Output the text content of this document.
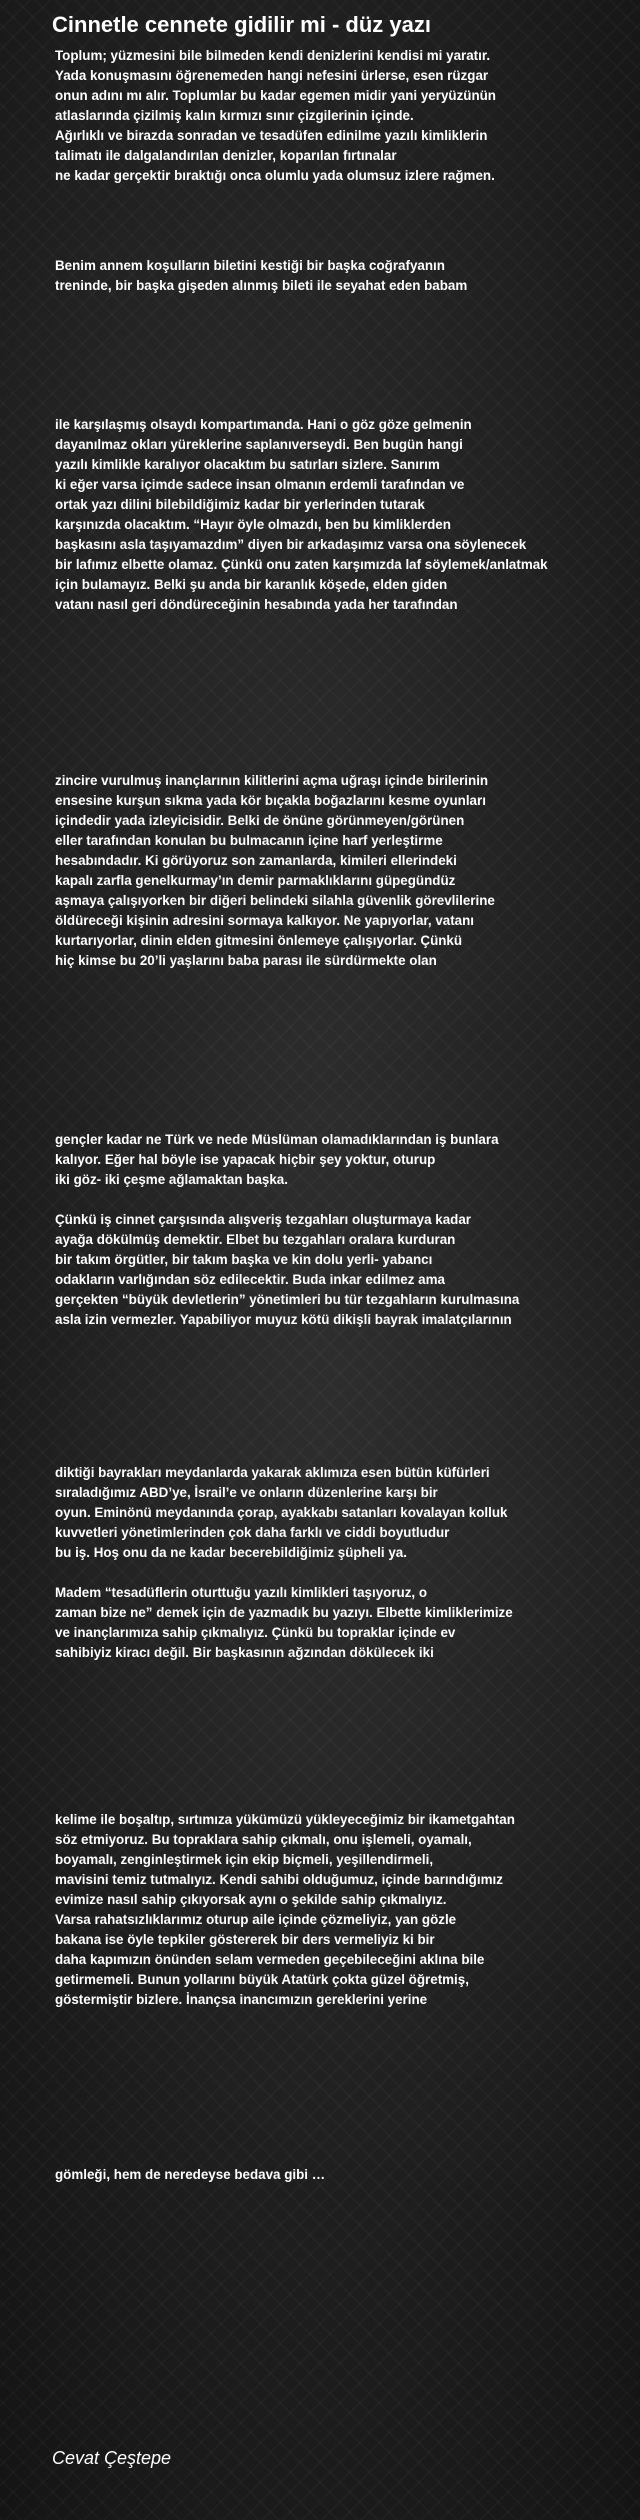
Cinnetle cennete gidilir mi - düz yazı
Toplum; yüzmesini bile bilmeden kendi denizlerini kendisi mi yaratır.
Yada konuşmasını öğrenemeden hangi nefesini ürlerse, esen rüzgar
onun adını mı alır. Toplumlar bu kadar egemen midir yani yeryüzünün
atlaslarında çizilmiş kalın kırmızı sınır çizgilerinin içinde.
Ağırlıklı ve birazda sonradan ve tesadüfen edinilme yazılı kimliklerin
talimatı ile dalgalandırılan denizler, koparılan fırtınalar
ne kadar gerçektir bıraktığı onca olumlu yada olumsuz izlere rağmen.
Benim annem koşulların biletini kestiği bir başka coğrafyanın
treninde, bir başka gişeden alınmış bileti ile seyahat eden babam
ile karşılaşmış olsaydı kompartımanda. Hani o göz göze gelmenin
dayanılmaz okları yüreklerine saplanıverseydi. Ben bugün hangi
yazılı kimlikle karalıyor olacaktım bu satırları sizlere. Sanırım
ki eğer varsa içimde sadece insan olmanın erdemli tarafından ve
ortak yazı dilini bilebildiğimiz kadar bir yerlerinden tutarak
karşınızda olacaktım. “Hayır öyle olmazdı, ben bu kimliklerden
başkasını asla taşıyamazdım” diyen bir arkadaşımız varsa ona söylenecek
bir lafımız elbette olamaz. Çünkü onu zaten karşımızda laf söylemek/anlatmak
için bulamayız. Belki şu anda bir karanlık köşede, elden giden
vatanı nasıl geri döndüreceğinin hesabında yada her tarafından
zincire vurulmuş inançlarının kilitlerini açma uğraşı içinde birilerinin
ensesine kurşun sıkma yada kör bıçakla boğazlarını kesme oyunları
içindedir yada izleyicisidir. Belki de önüne görünmeyen/görünen
eller tarafından konulan bu bulmacanın içine harf yerleştirme
hesabındadır. Ki görüyoruz son zamanlarda, kimileri ellerindeki
kapalı zarfla genelkurmay’ın demir parmaklıklarını güpegündüz
aşmaya çalışıyorken bir diğeri belindeki silahla güvenlik görevlilerine
öldüreceği kişinin adresini sormaya kalkıyor. Ne yapıyorlar, vatanı
kurtarıyorlar, dinin elden gitmesini önlemeye çalışıyorlar. Çünkü
hiç kimse bu 20’li yaşlarını baba parası ile sürdürmekte olan
gençler kadar ne Türk ve nede Müslüman olamadıklarından iş bunlara
kalıyor. Eğer hal böyle ise yapacak hiçbir şey yoktur, oturup
iki göz- iki çeşme ağlamaktan başka.
Çünkü iş cinnet çarşısında alışveriş tezgahları oluşturmaya kadar
ayağa dökülmüş demektir. Elbet bu tezgahları oralara kurduran
bir takım örgütler, bir takım başka ve kin dolu yerli- yabancı
odakların varlığından söz edilecektir. Buda inkar edilmez ama
gerçekten “büyük devletlerin” yönetimleri bu tür tezgahların kurulmasına
asla izin vermezler. Yapabiliyor muyuz kötü dikişli bayrak imalatçılarının
diktiği bayrakları meydanlarda yakarak aklımıza esen bütün küfürleri
sıraladığımız ABD’ye, İsrail’e ve onların düzenlerine karşı bir
oyun. Eminönü meydanında çorap, ayakkabı satanları kovalayan kolluk
kuvvetleri yönetimlerinden çok daha farklı ve ciddi boyutludur
bu iş. Hoş onu da ne kadar becerebildiğimiz şüpheli ya.
Madem “tesadüflerin oturttuğu yazılı kimlikleri taşıyoruz, o
zaman bize ne” demek için de yazmadık bu yazıyı. Elbette kimliklerimize
ve inançlarımıza sahip çıkmalıyız. Çünkü bu topraklar içinde ev
sahibiyiz kiracı değil. Bir başkasının ağzından dökülecek iki
kelime ile boşaltıp, sırtımıza yükümüzü yükleyeceğimiz bir ikametgahtan
söz etmiyoruz. Bu topraklara sahip çıkmalı, onu işlemeli, oyamalı,
boyamalı, zenginleştirmek için ekip biçmeli, yeşillendirmeli,
mavisini temiz tutmalıyız. Kendi sahibi olduğumuz, içinde barındığımız
evimize nasıl sahip çıkıyorsak aynı o şekilde sahip çıkmalıyız.
Varsa rahatsızlıklarımız oturup aile içinde çözmeliyiz, yan gözle
bakana ise öyle tepkiler göstererek bir ders vermeliyiz ki bir
daha kapımızın önünden selam vermeden geçebileceğini aklına bile
getirmemeli. Bunun yollarını büyük Atatürk çokta güzel öğretmiş,
göstermiştir bizlere. İnançsa inancımızın gereklerini yerine
gömleği, hem de neredeyse bedava gibi …
Cevat Çeştepe
